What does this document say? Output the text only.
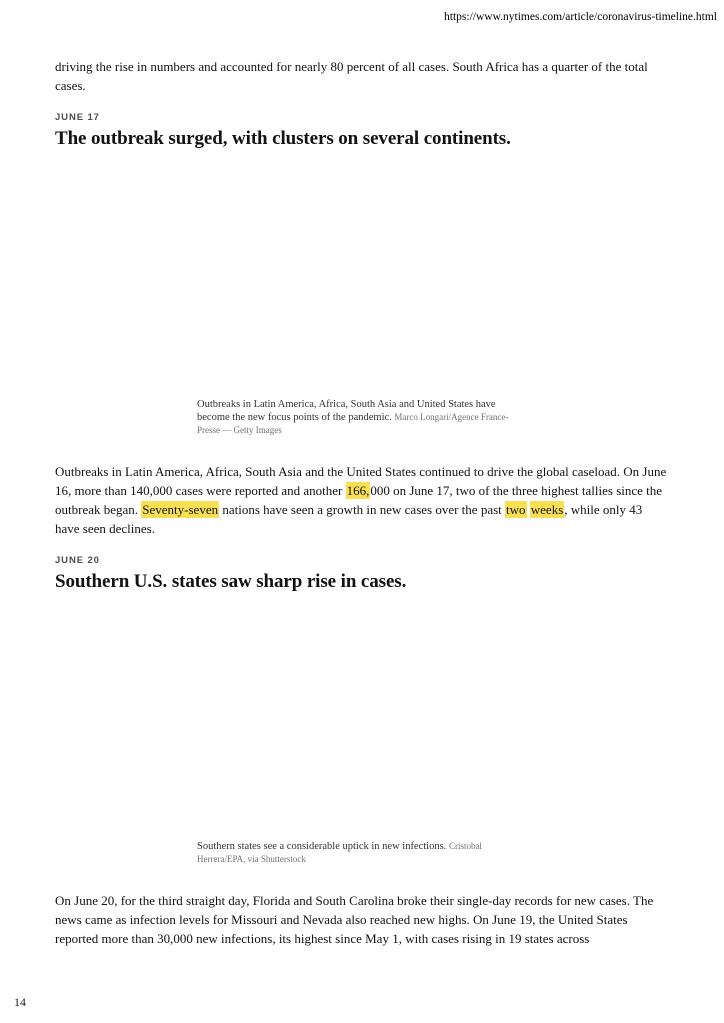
https://www.nytimes.com/article/coronavirus-timeline.html

driving the rise in numbers and accounted for nearly 80 percent of all cases. South Africa has a quarter of the total cases.

JUNE 17
The outbreak surged, with clusters on several continents.
Outbreaks in Latin America, Africa, South Asia and United States have become the new focus points of the pandemic. Marco Longari/Agence France-Presse — Getty Images

Outbreaks in Latin America, Africa, South Asia and the United States continued to drive the global caseload. On June 16, more than 140,000 cases were reported and another 166,000 on June 17, two of the three highest tallies since the outbreak began. Seventy-seven nations have seen a growth in new cases over the past two weeks, while only 43 have seen declines.

JUNE 20
Southern U.S. states saw sharp rise in cases.
Southern states see a considerable uptick in new infections. Cristobal Herrera/EPA, via Shutterstock

On June 20, for the third straight day, Florida and South Carolina broke their single-day records for new cases. The news came as infection levels for Missouri and Nevada also reached new highs. On June 19, the United States reported more than 30,000 new infections, its highest since May 1, with cases rising in 19 states across

14
